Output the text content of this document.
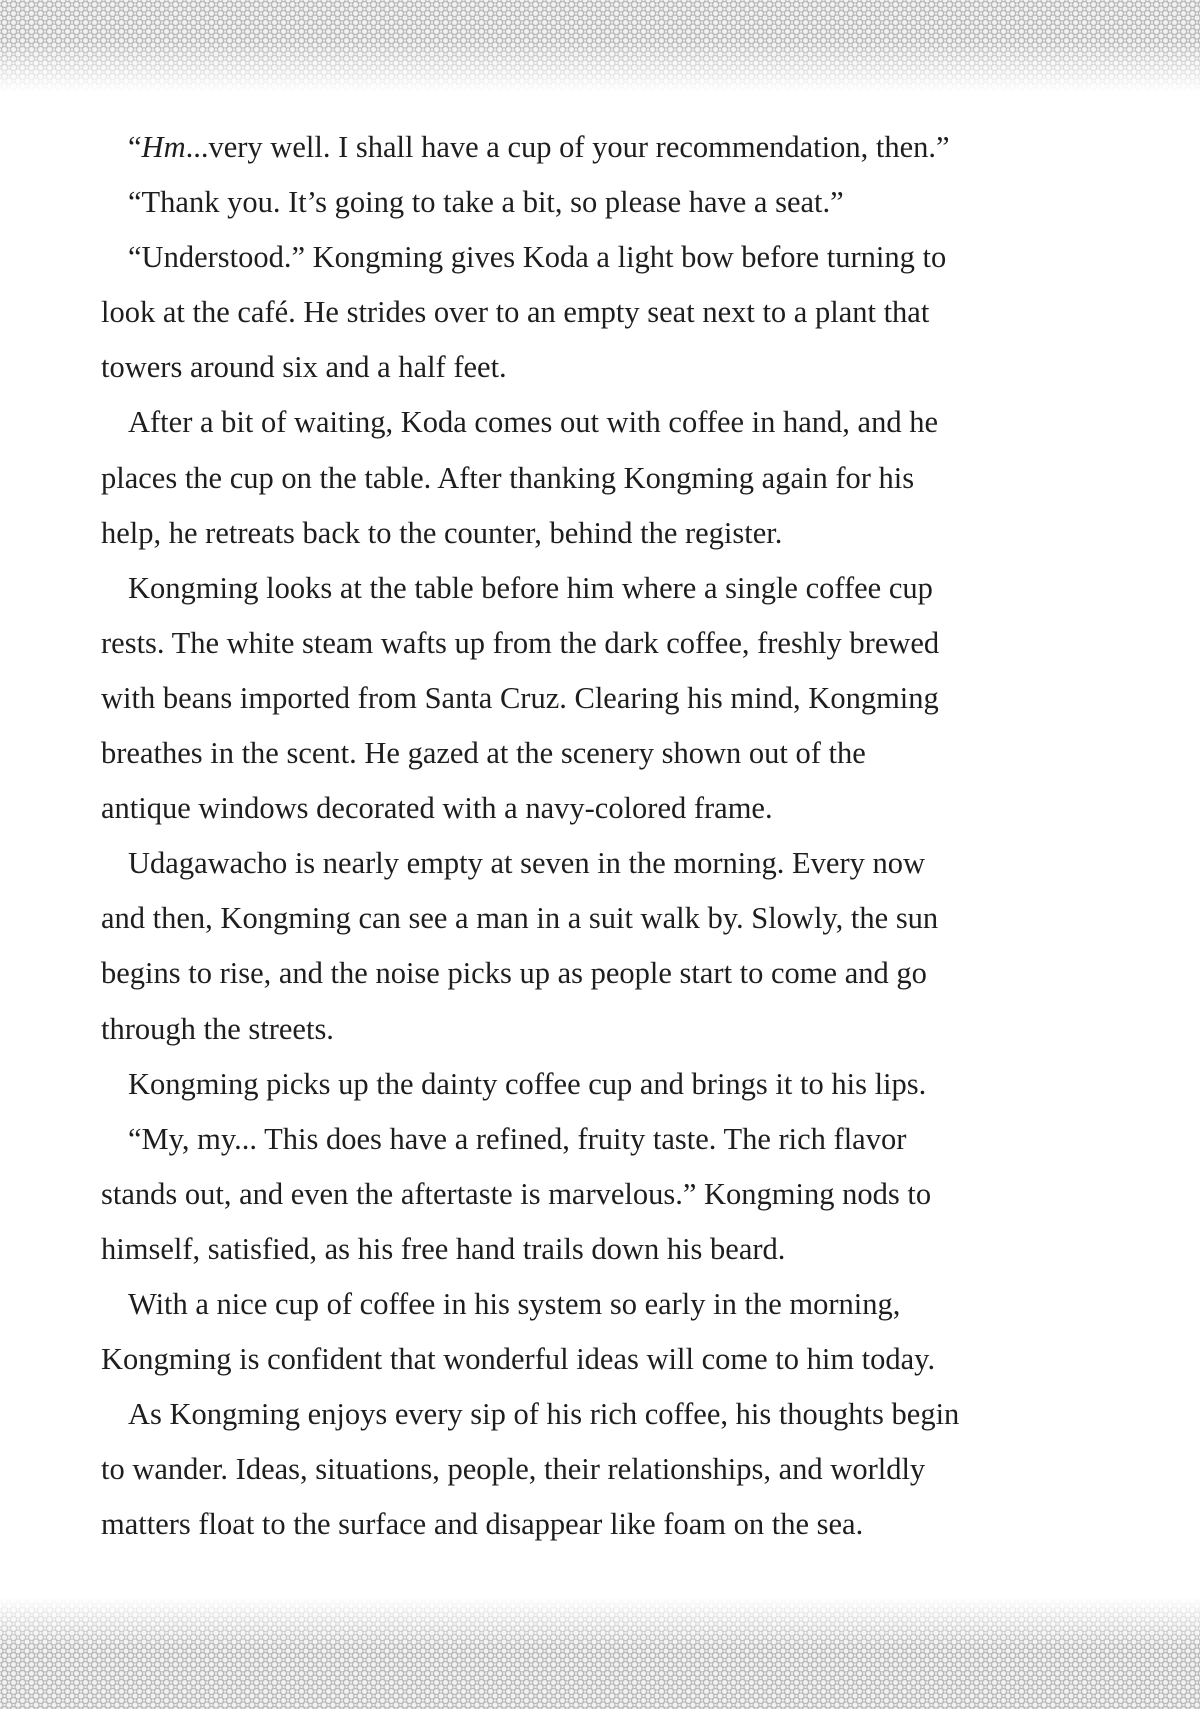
“Hm...very well. I shall have a cup of your recommendation, then.”

“Thank you. It’s going to take a bit, so please have a seat.”

“Understood.” Kongming gives Koda a light bow before turning to
look at the café. He strides over to an empty seat next to a plant that
towers around six and a half feet.

After a bit of waiting, Koda comes out with coffee in hand, and he
places the cup on the table. After thanking Kongming again for his
help, he retreats back to the counter, behind the register.

Kongming looks at the table before him where a single coffee cup
rests. The white steam wafts up from the dark coffee, freshly brewed
with beans imported from Santa Cruz. Clearing his mind, Kongming
breathes in the scent. He gazed at the scenery shown out of the
antique windows decorated with a navy-colored frame.

Udagawacho is nearly empty at seven in the morning. Every now
and then, Kongming can see a man in a suit walk by. Slowly, the sun
begins to rise, and the noise picks up as people start to come and go
through the streets.

Kongming picks up the dainty coffee cup and brings it to his lips.

“My, my... This does have a refined, fruity taste. The rich flavor
stands out, and even the aftertaste is marvelous.” Kongming nods to
himself, satisfied, as his free hand trails down his beard.

With a nice cup of coffee in his system so early in the morning,
Kongming is confident that wonderful ideas will come to him today.

As Kongming enjoys every sip of his rich coffee, his thoughts begin
to wander. Ideas, situations, people, their relationships, and worldly
matters float to the surface and disappear like foam on the sea.
